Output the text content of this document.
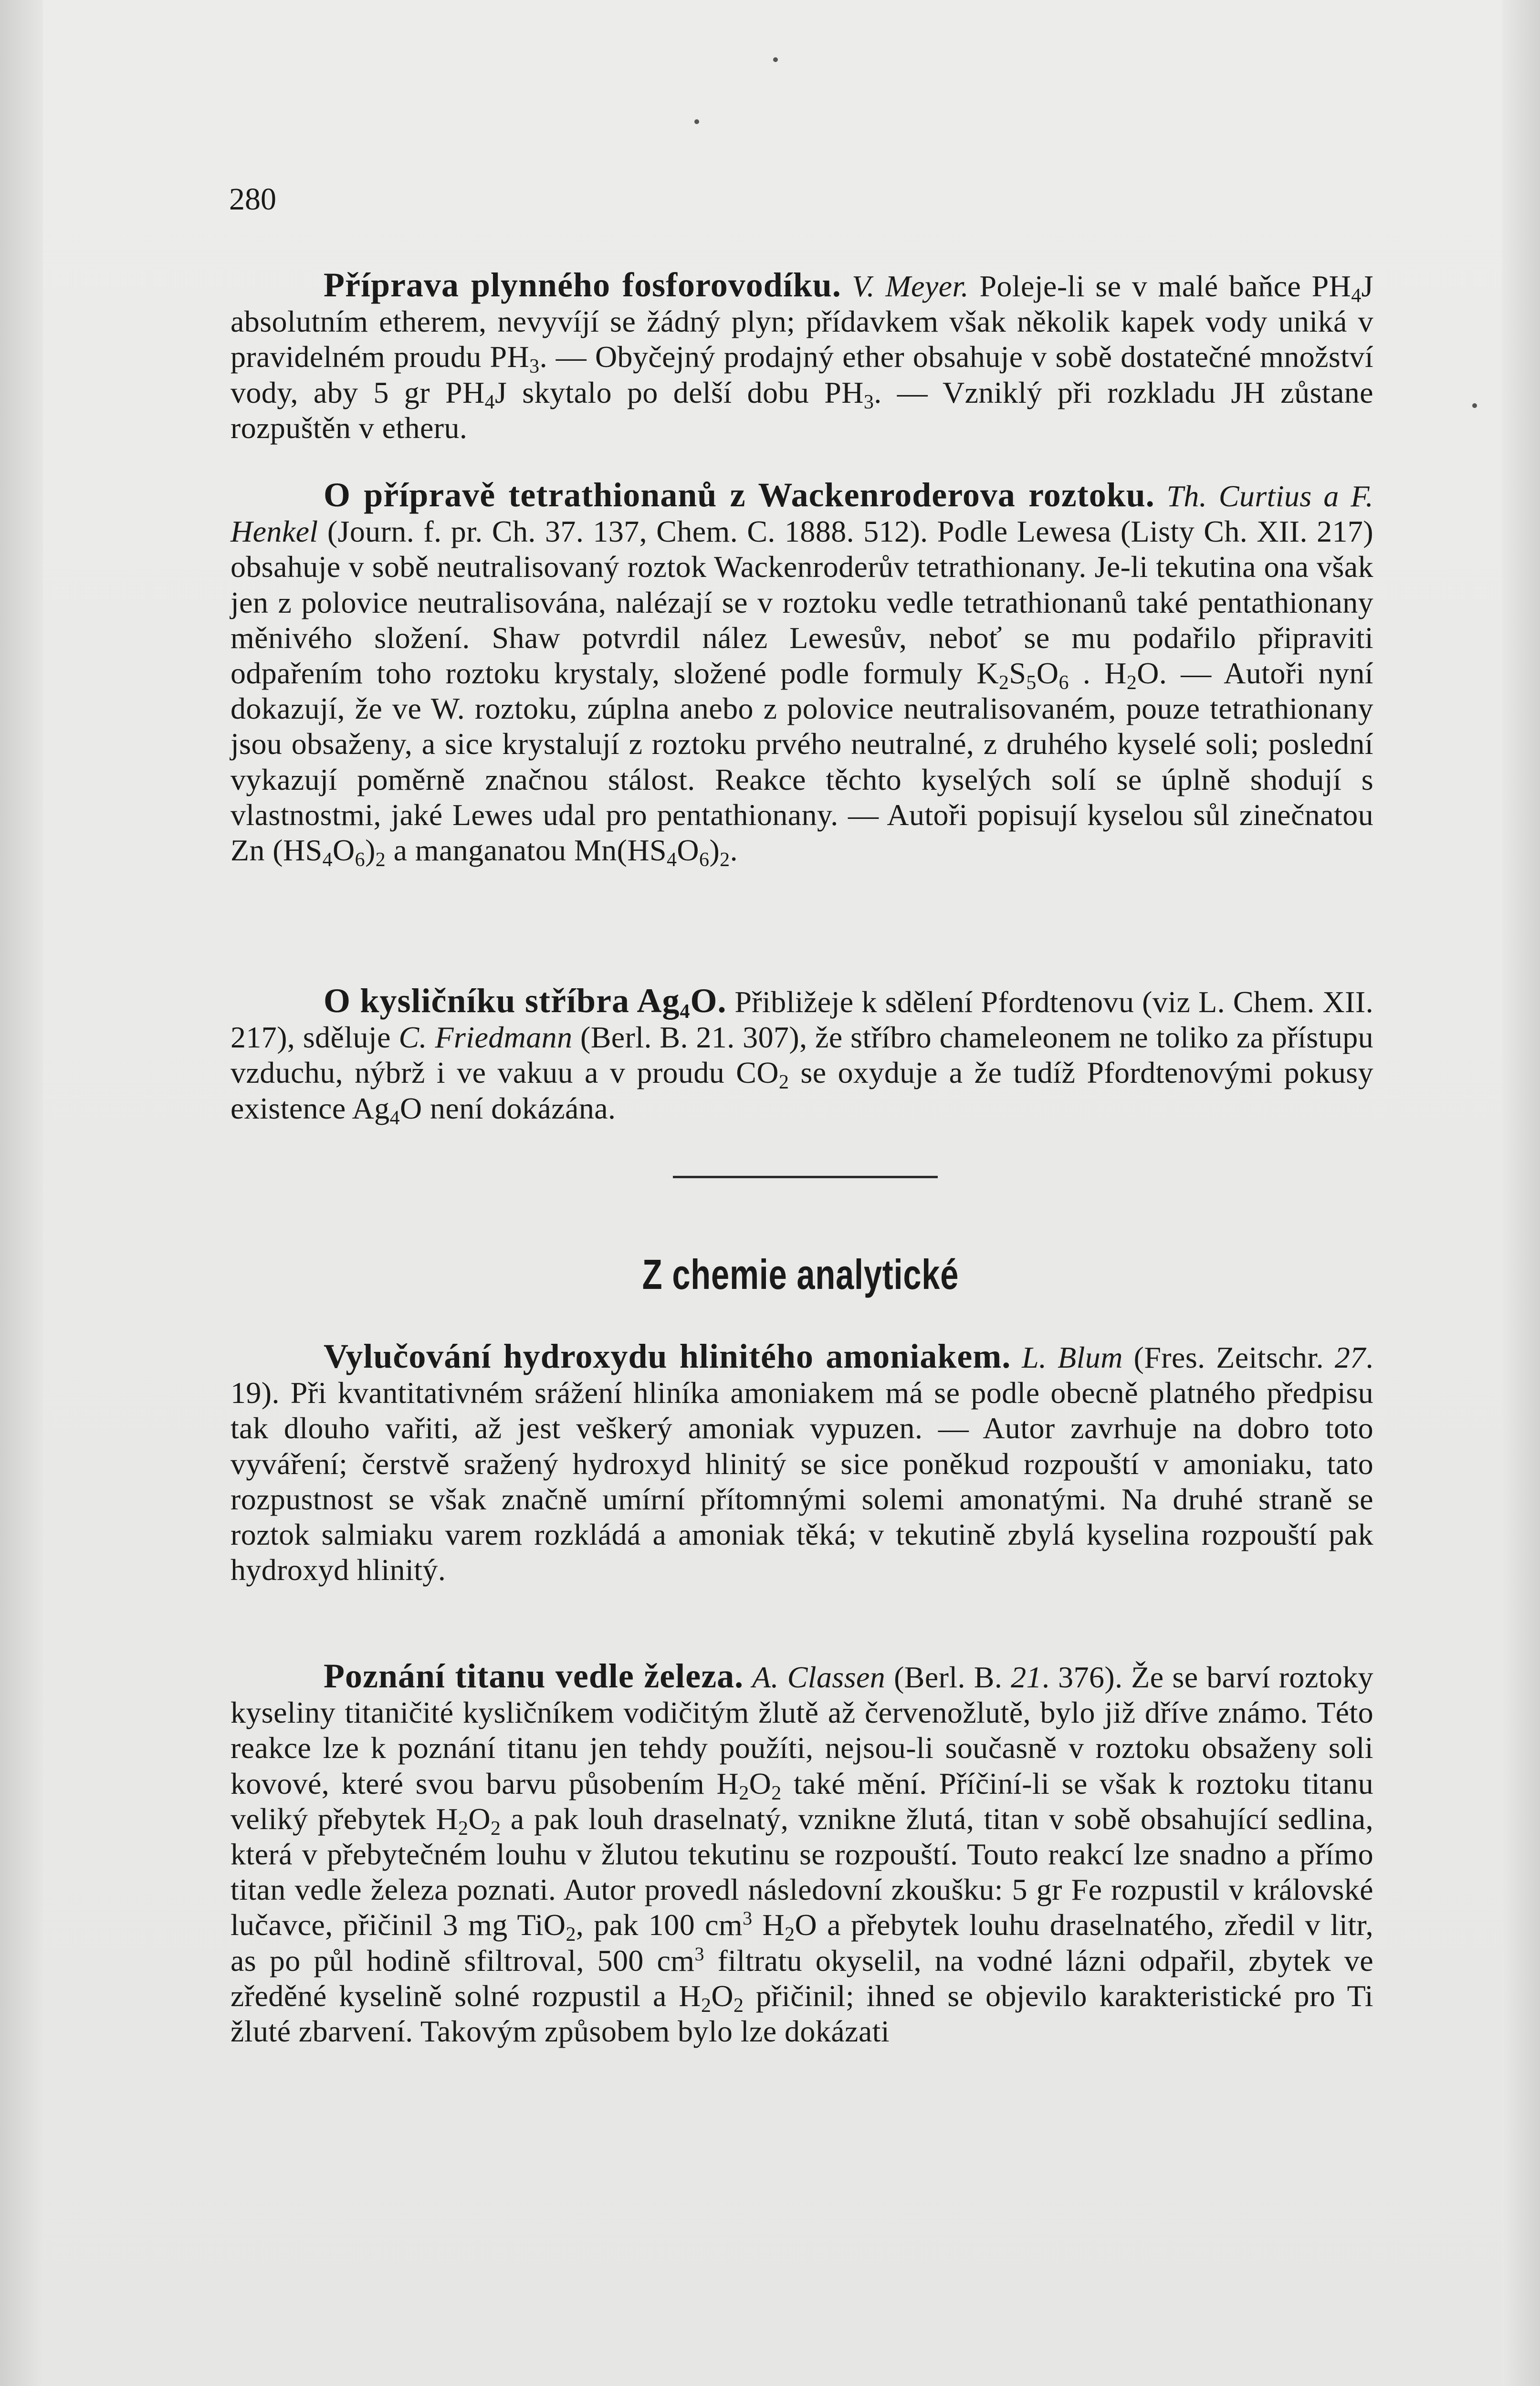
280

Příprava plynného fosforovodíku. V. Meyer. Poleje-li se v malé baňce $PH_4J$ absolutním etherem, nevyvíjí se žádný plyn; přídavkem však několik kapek vody uniká v pravidelném proudu $PH_3$. — Obyčejný prodajný ether obsahuje v sobě dostatečné množství vody, aby 5 gr $PH_4J$ skytalo po delší dobu $PH_3$. — Vzniklý při rozkladu JH zůstane rozpuštěn v etheru.

O přípravě tetrathionanů z Wackenroderova roztoku. Th. Curtius a F. Henkel (Journ. f. pr. Ch. 37. 137, Chem. C. 1888. 512). Podle Lewesa (Listy Ch. XII. 217) obsahuje v sobě neutralisovaný roztok Wackenroderův tetrathionany. Je-li tekutina ona však jen z polovice neutralisována, nalézají se v roztoku vedle tetrathionanů také pentathionany měnivého složení. Shaw potvrdil nález Lewesův, neboť se mu podařilo připraviti odpařením toho roztoku krystaly, složené podle formuly $K_2S_5O_6$ . $H_2O$. — Autoři nyní dokazují, že ve W. roztoku, zúplna anebo z polovice neutralisovaném, pouze tetrathionany jsou obsaženy, a sice krystalují z roztoku prvého neutralné, z druhého kyselé soli; poslední vykazují poměrně značnou stálost. Reakce těchto kyselých solí se úplně shodují s vlastnostmi, jaké Lewes udal pro pentathionany. — Autoři popisují kyselou sůl zinečnatou Zn $(HS_4O_6)_2$ a manganatou $Mn(HS_4O_6)_2$.

O kysličníku stříbra $Ag_4O$. Přibližeje k sdělení Pfordtenovu (viz L. Chem. XII. 217), sděluje C. Friedmann (Berl. B. 21. 307), že stříbro chameleonem ne toliko za přístupu vzduchu, nýbrž i ve vakuu a v proudu $CO_2$ se oxyduje a že tudíž Pfordtenovými pokusy existence $Ag_4O$ není dokázána.

Z chemie analytické

Vylučování hydroxydu hlinitého amoniakem. L. Blum (Fres. Zeitschr. 27. 19). Při kvantitativném srážení hliníka amoniakem má se podle obecně platného předpisu tak dlouho vařiti, až jest veškerý amoniak vypuzen. — Autor zavrhuje na dobro toto vyváření; čerstvě sražený hydroxyd hlinitý se sice poněkud rozpouští v amoniaku, tato rozpustnost se však značně umírní přítomnými solemi amonatými. Na druhé straně se roztok salmiaku varem rozkládá a amoniak těká; v tekutině zbylá kyselina rozpouští pak hydroxyd hlinitý.

Poznání titanu vedle železa. A. Classen (Berl. B. 21. 376). Že se barví roztoky kyseliny titaničité kysličníkem vodičitým žlutě až červenožlutě, bylo již dříve známo. Této reakce lze k poznání titanu jen tehdy použíti, nejsou-li současně v roztoku obsaženy soli kovové, které svou barvu působením $H_2O_2$ také mění. Příčiní-li se však k roztoku titanu veliký přebytek $H_2O_2$ a pak louh draselnatý, vznikne žlutá, titan v sobě obsahující sedlina, která v přebytečném louhu v žlutou tekutinu se rozpouští. Touto reakcí lze snadno a přímo titan vedle železa poznati. Autor provedl následovní zkoušku: 5 gr Fe rozpustil v královské lučavce, přičinil 3 mg TiO$_2$, pak 100 $cm^3$ $H_2O$ a přebytek louhu draselnatého, zředil v litr, as po půl hodině sfiltroval, 500 $cm^3$ filtratu okyselil, na vodné lázni odpařil, zbytek ve zředěné kyselině solné rozpustil a $H_2O_2$ přičinil; ihned se objevilo karakteristické pro Ti žluté zbarvení. Takovým způsobem bylo lze dokázati
